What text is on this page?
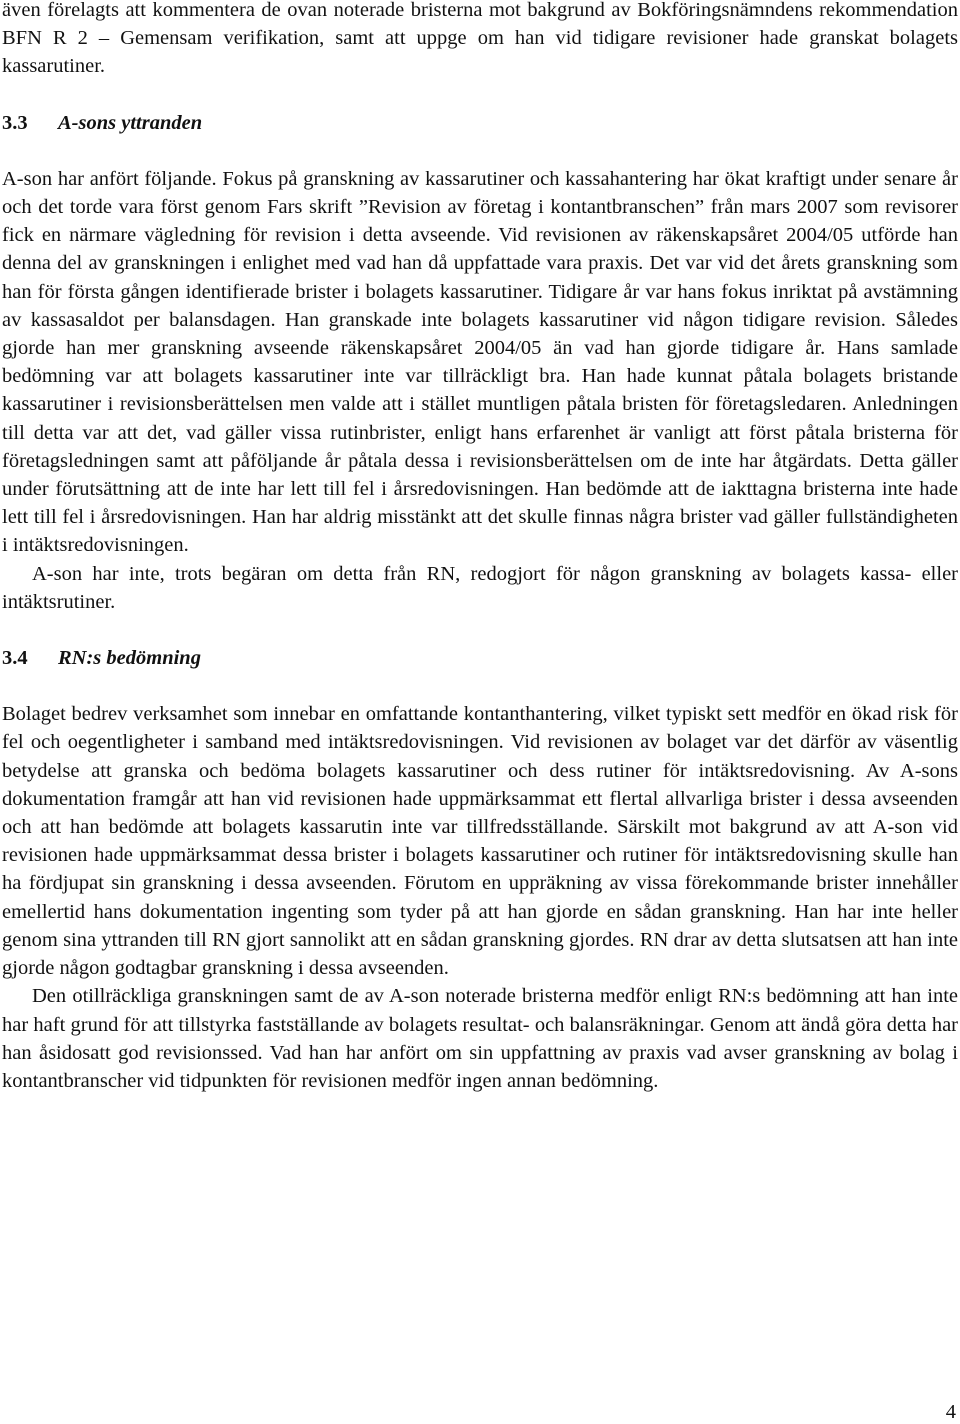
även förelagts att kommentera de ovan noterade bristerna mot bakgrund av Bokföringsnämndens rekommendation BFN R 2 – Gemensam verifikation, samt att uppge om han vid tidigare revisioner hade granskat bolagets kassarutiner.

3.3	A-sons yttranden

A-son har anfört följande. Fokus på granskning av kassarutiner och kassahantering har ökat kraftigt under senare år och det torde vara först genom Fars skrift ”Revision av företag i kontantbranschen” från mars 2007 som revisorer fick en närmare vägledning för revision i detta avseende. Vid revisionen av räkenskapsåret 2004/05 utförde han denna del av granskningen i enlighet med vad han då uppfattade vara praxis. Det var vid det årets granskning som han för första gången identifierade brister i bolagets kassarutiner. Tidigare år var hans fokus inriktat på avstämning av kassasaldot per balansdagen. Han granskade inte bolagets kassarutiner vid någon tidigare revision. Således gjorde han mer granskning avseende räkenskapsåret 2004/05 än vad han gjorde tidigare år. Hans samlade bedömning var att bolagets kassarutiner inte var tillräckligt bra. Han hade kunnat påtala bolagets bristande kassarutiner i revisionsberättelsen men valde att i stället muntligen påtala bristen för företagsledaren. Anledningen till detta var att det, vad gäller vissa rutinbrister, enligt hans erfarenhet är vanligt att först påtala bristerna för företagsledningen samt att påföljande år påtala dessa i revisionsberättelsen om de inte har åtgärdats. Detta gäller under förutsättning att de inte har lett till fel i årsredovisningen. Han bedömde att de iakttagna bristerna inte hade lett till fel i årsredovisningen. Han har aldrig misstänkt att det skulle finnas några brister vad gäller fullständigheten i intäktsredovisningen.

A-son har inte, trots begäran om detta från RN, redogjort för någon granskning av bolagets kassa- eller intäktsrutiner.

3.4	RN:s bedömning

Bolaget bedrev verksamhet som innebar en omfattande kontanthantering, vilket typiskt sett medför en ökad risk för fel och oegentligheter i samband med intäktsredovisningen. Vid revisionen av bolaget var det därför av väsentlig betydelse att granska och bedöma bolagets kassarutiner och dess rutiner för intäktsredovisning. Av A-sons dokumentation framgår att han vid revisionen hade uppmärksammat ett flertal allvarliga brister i dessa avseenden och att han bedömde att bolagets kassarutin inte var tillfredsställande. Särskilt mot bakgrund av att A-son vid revisionen hade uppmärksammat dessa brister i bolagets kassarutiner och rutiner för intäktsredovisning skulle han ha fördjupat sin granskning i dessa avseenden. Förutom en uppräkning av vissa förekommande brister innehåller emellertid hans dokumentation ingenting som tyder på att han gjorde en sådan granskning. Han har inte heller genom sina yttranden till RN gjort sannolikt att en sådan granskning gjordes. RN drar av detta slutsatsen att han inte gjorde någon godtagbar granskning i dessa avseenden.

Den otillräckliga granskningen samt de av A-son noterade bristerna medför enligt RN:s bedömning att han inte har haft grund för att tillstyrka fastställande av bolagets resultat- och balansräkningar. Genom att ändå göra detta har han åsidosatt god revisionssed. Vad han har anfört om sin uppfattning av praxis vad avser granskning av bolag i kontantbranscher vid tidpunkten för revisionen medför ingen annan bedömning.

4
